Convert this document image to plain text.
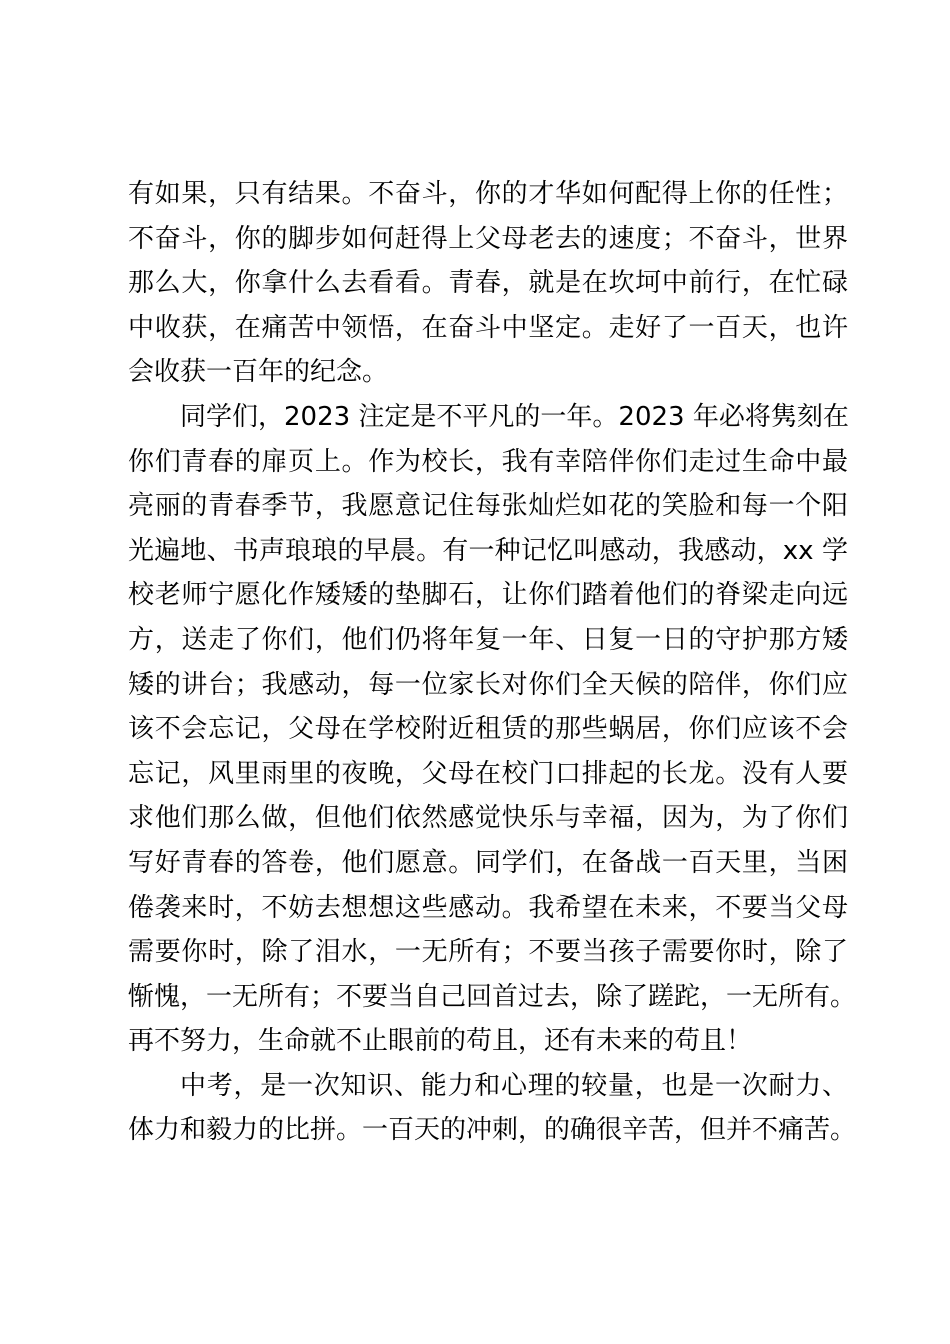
有如果，只有结果。不奋斗，你的才华如何配得上你的任性；
不奋斗，你的脚步如何赶得上父母老去的速度；不奋斗，世界
那么大，你拿什么去看看。青春，就是在坎坷中前行，在忙碌
中收获，在痛苦中领悟，在奋斗中坚定。走好了一百天，也许
会收获一百年的纪念。
同学们，2023 注定是不平凡的一年。2023 年必将隽刻在
你们青春的扉页上。作为校长，我有幸陪伴你们走过生命中最
亮丽的青春季节，我愿意记住每张灿烂如花的笑脸和每一个阳
光遍地、书声琅琅的早晨。有一种记忆叫感动，我感动，xx 学
校老师宁愿化作矮矮的垫脚石，让你们踏着他们的脊梁走向远
方，送走了你们，他们仍将年复一年、日复一日的守护那方矮
矮的讲台；我感动，每一位家长对你们全天候的陪伴，你们应
该不会忘记，父母在学校附近租赁的那些蜗居，你们应该不会
忘记，风里雨里的夜晚，父母在校门口排起的长龙。没有人要
求他们那么做，但他们依然感觉快乐与幸福，因为，为了你们
写好青春的答卷，他们愿意。同学们，在备战一百天里，当困
倦袭来时，不妨去想想这些感动。我希望在未来，不要当父母
需要你时，除了泪水，一无所有；不要当孩子需要你时，除了
惭愧，一无所有；不要当自己回首过去，除了蹉跎，一无所有。
再不努力，生命就不止眼前的苟且，还有未来的苟且！
中考，是一次知识、能力和心理的较量，也是一次耐力、
体力和毅力的比拼。一百天的冲刺，的确很辛苦，但并不痛苦。
